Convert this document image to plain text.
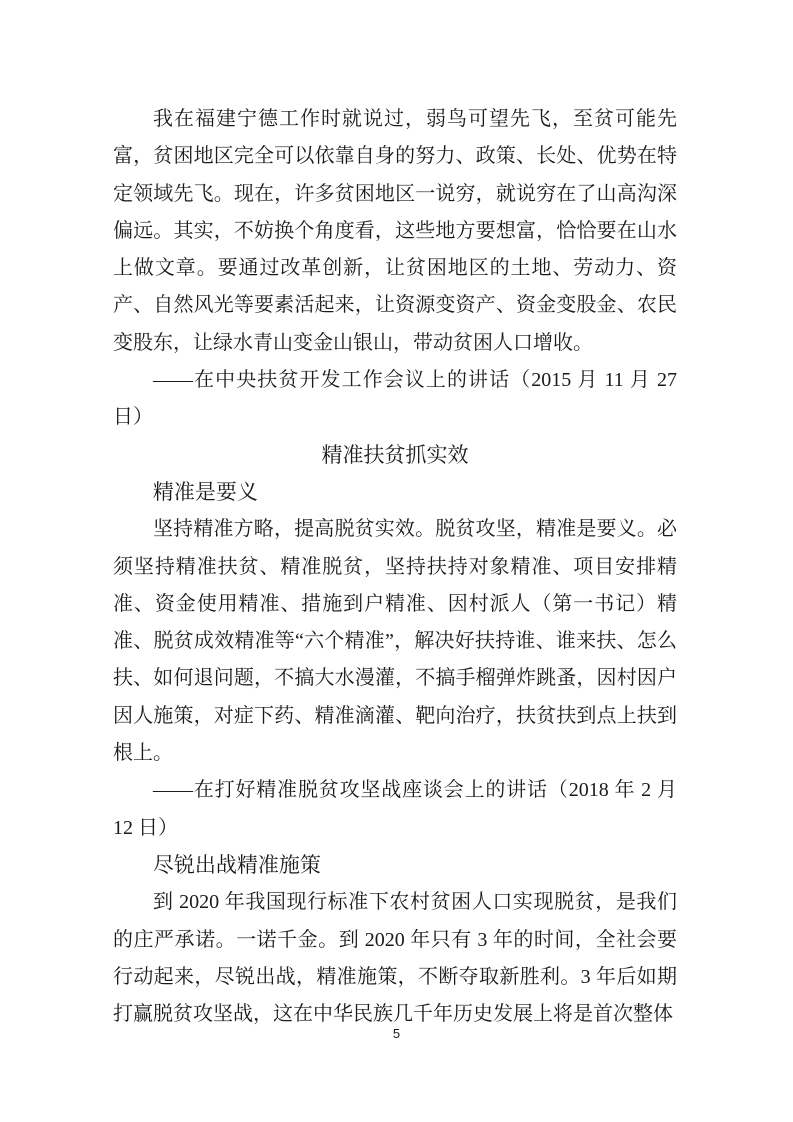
我在福建宁德工作时就说过，弱鸟可望先飞，至贫可能先富，贫困地区完全可以依靠自身的努力、政策、长处、优势在特定领域先飞。现在，许多贫困地区一说穷，就说穷在了山高沟深偏远。其实，不妨换个角度看，这些地方要想富，恰恰要在山水上做文章。要通过改革创新，让贫困地区的土地、劳动力、资产、自然风光等要素活起来，让资源变资产、资金变股金、农民变股东，让绿水青山变金山银山，带动贫困人口增收。

——在中央扶贫开发工作会议上的讲话（2015 月 11 月 27 日）

精准扶贫抓实效
精准是要义

坚持精准方略，提高脱贫实效。脱贫攻坚，精准是要义。必须坚持精准扶贫、精准脱贫，坚持扶持对象精准、项目安排精准、资金使用精准、措施到户精准、因村派人（第一书记）精准、脱贫成效精准等“六个精准”，解决好扶持谁、谁来扶、怎么扶、如何退问题，不搞大水漫灌，不搞手榴弹炸跳蚤，因村因户因人施策，对症下药、精准滴灌、靶向治疗，扶贫扶到点上扶到根上。

——在打好精准脱贫攻坚战座谈会上的讲话（2018 年 2 月 12 日）

尽锐出战精准施策

到 2020 年我国现行标准下农村贫困人口实现脱贫，是我们的庄严承诺。一诺千金。到 2020 年只有 3 年的时间，全社会要行动起来，尽锐出战，精准施策，不断夺取新胜利。3 年后如期打赢脱贫攻坚战，这在中华民族几千年历史发展上将是首次整体

5
